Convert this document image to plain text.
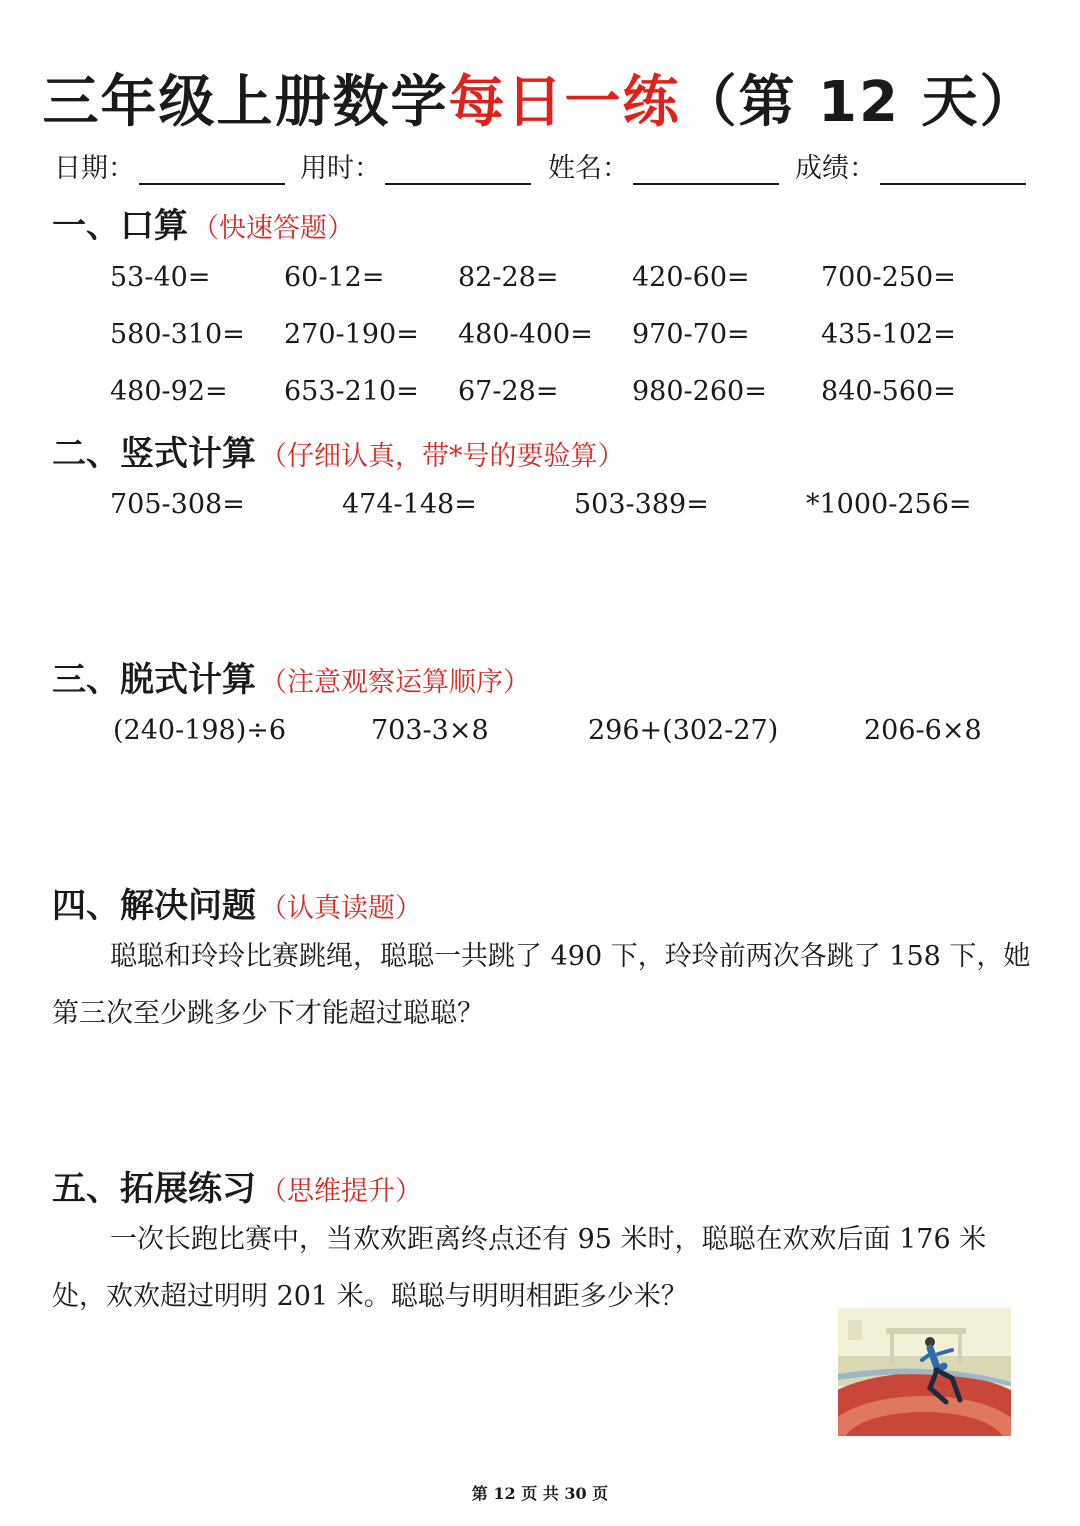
三年级上册数学每日一练（第 12 天）
日期：	用时：	姓名：	成绩：
一、口算 （快速答题）
53-40=	60-12=	82-28=	420-60=	700-250=
580-310= 270-190= 480-400= 970-70=	435-102=
480-92= 653-210= 67-28=	980-260= 840-560=
二、竖式计算 （仔细认真，带*号的要验算）
705-308=	474-148=	503-389=	*1000-256=
三、脱式计算 （注意观察运算顺序）
(240-198)÷6	703-3×8	296+(302-27)	206-6×8
四、解决问题 （认真读题）
聪聪和玲玲比赛跳绳，聪聪一共跳了 490 下，玲玲前两次各跳了 158 下，她第三次至少跳多少下才能超过聪聪？
五、拓展练习 （思维提升）
一次长跑比赛中，当欢欢距离终点还有 95 米时，聪聪在欢欢后面 176 米处，欢欢超过明明 201 米。聪聪与明明相距多少米？
第 12 页 共 30 页
